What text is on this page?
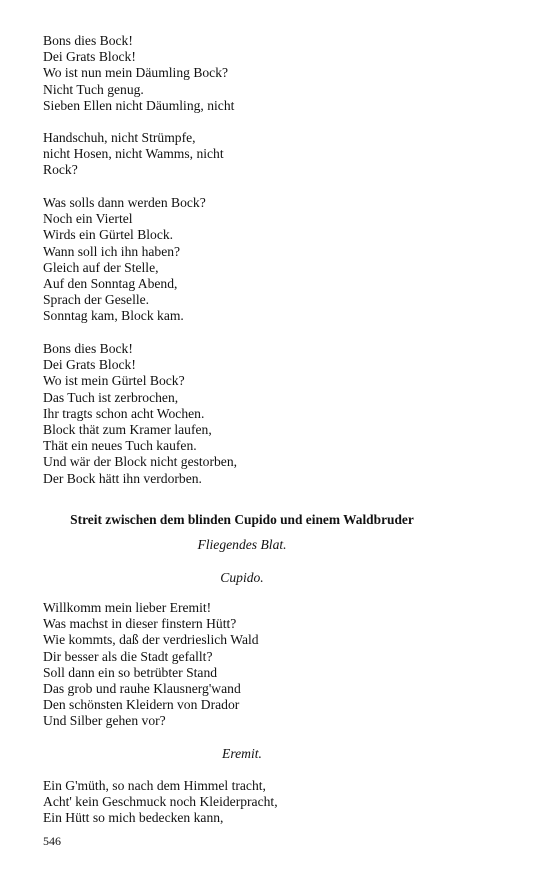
Bons dies Bock!
Dei Grats Block!
Wo ist nun mein Däumling Bock?
Nicht Tuch genug.
Sieben Ellen nicht Däumling, nicht
Handschuh, nicht Strümpfe,
nicht Hosen, nicht Wamms, nicht
Rock?
Was solls dann werden Bock?
Noch ein Viertel
Wirds ein Gürtel Block.
Wann soll ich ihn haben?
Gleich auf der Stelle,
Auf den Sonntag Abend,
Sprach der Geselle.
Sonntag kam, Block kam.
Bons dies Bock!
Dei Grats Block!
Wo ist mein Gürtel Bock?
Das Tuch ist zerbrochen,
Ihr tragts schon acht Wochen.
Block thät zum Kramer laufen,
Thät ein neues Tuch kaufen.
Und wär der Block nicht gestorben,
Der Bock hätt ihn verdorben.
Streit zwischen dem blinden Cupido und einem Waldbruder
Fliegendes Blat.
Cupido.
Willkomm mein lieber Eremit!
Was machst in dieser finstern Hütt?
Wie kommts, daß der verdrieslich Wald
Dir besser als die Stadt gefallt?
Soll dann ein so betrübter Stand
Das grob und rauhe Klausnerg'wand
Den schönsten Kleidern von Drador
Und Silber gehen vor?
Eremit.
Ein G'müth, so nach dem Himmel tracht,
Acht' kein Geschmuck noch Kleiderpracht,
Ein Hütt so mich bedecken kann,
546
